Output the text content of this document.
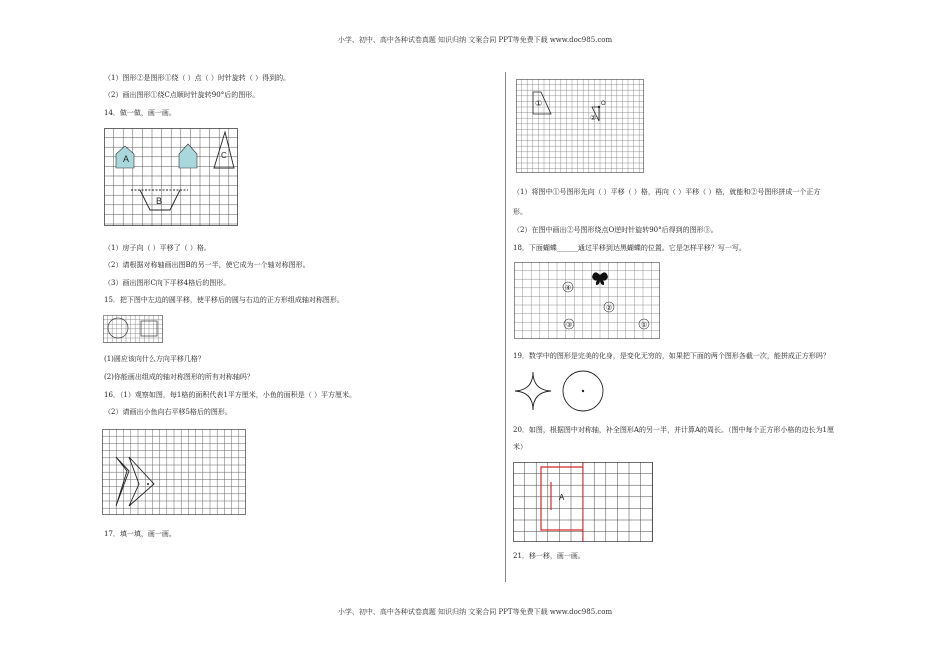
小学、初中、高中各种试卷真题 知识归纳 文案合同 PPT等免费下载 www.doc985.com
小学、初中、高中各种试卷真题 知识归纳 文案合同 PPT等免费下载 www.doc985.com
（1）图形②是图形①绕（ ）点（ ）时针旋转（ ）得到的。
（2）画出图形①绕C点顺时针旋转90°后的图形。
14．做一做，画一画。
A
B
C
（1）房子向（ ）平移了（ ）格。
（2）请根据对称轴画出图B的另一半，使它成为一个轴对称图形。
（3）画出图形C向下平移4格后的图形。
15．把下图中左边的圆平移，使平移后的圆与右边的正方形组成轴对称图形。
(1)圆应该向什么方向平移几格？
(2)你能画出组成的轴对称图形的所有对称轴吗？
16．（1）观察如图，每1格的面积代表1平方厘米，小鱼的面积是（ ）平方厘米。
（2）请画出小鱼向右平移5格后的图形。
17．填一填，画一画。
①
②
O
（1）将图中①号图形先向（ ）平移（ ）格，再向（ ）平移（ ）格，就能和②号图形拼成一个正方
形。
（2）在图中画出②号图形绕点O逆时针旋转90°后得到的图形③。
18．下面蝴蝶______通过平移到达黑蝴蝶的位置。它是怎样平移？写一写。
④
②
③	①
19．数学中的图形是完美的化身，是变化无穷的，如果把下面的两个图形各截一次，能拼成正方形吗？
20．如图，根据图中对称轴，补全图形A的另一半，并计算A的周长。（图中每个正方形小格的边长为1厘
米）
A
21．移一移，画一画。
